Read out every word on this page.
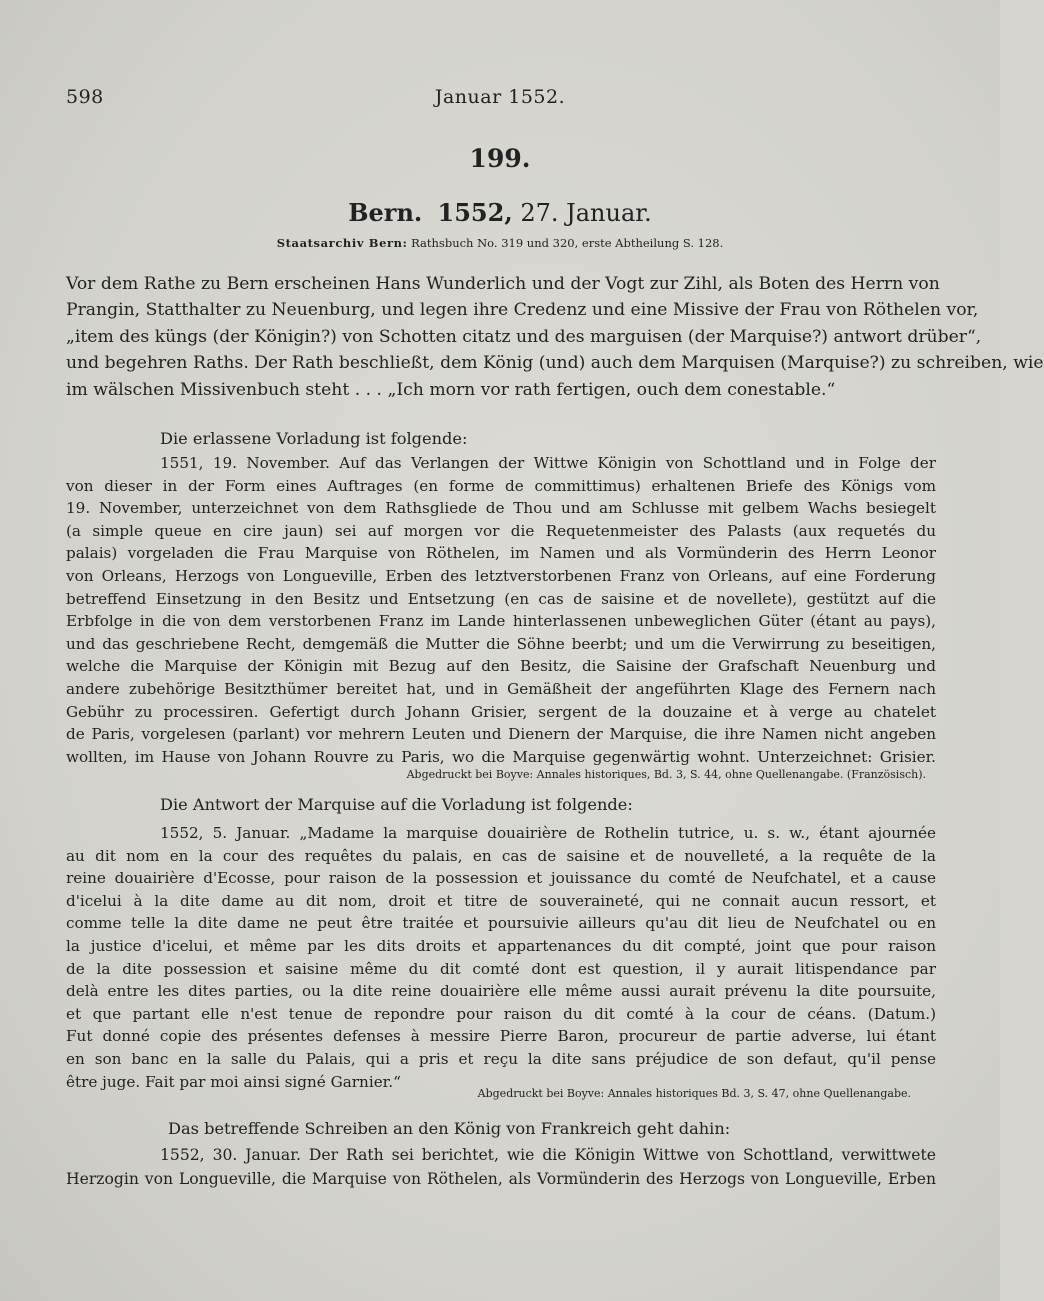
598	Januar 1552.
199.
Bern. 1552, 27. Januar.
Staatsarchiv Bern: Rathsbuch No. 319 und 320, erste Abtheilung S. 128.
Vor dem Rathe zu Bern erscheinen Hans Wunderlich und der Vogt zur Zihl, als Boten des Herrn von
Prangin, Statthalter zu Neuenburg, und legen ihre Credenz und eine Missive der Frau von Röthelen vor,
„item des küngs (der Königin?) von Schotten citatz und des marguisen (der Marquise?) antwort drüber“,
und begehren Raths. Der Rath beschließt, dem König (und) auch dem Marquisen (Marquise?) zu schreiben, wie
im wälschen Missivenbuch steht . . . „Ich morn vor rath fertigen, ouch dem conestable.“
Die erlassene Vorladung ist folgende:
1551, 19. November. Auf das Verlangen der Wittwe Königin von Schottland und in Folge der
von dieser in der Form eines Auftrages (en forme de committimus) erhaltenen Briefe des Königs vom
19. November, unterzeichnet von dem Rathsgliede de Thou und am Schlusse mit gelbem Wachs besiegelt
(a simple queue en cire jaun) sei auf morgen vor die Requetenmeister des Palasts (aux requetés du
palais) vorgeladen die Frau Marquise von Röthelen, im Namen und als Vormünderin des Herrn Leonor
von Orleans, Herzogs von Longueville, Erben des letztverstorbenen Franz von Orleans, auf eine Forderung
betreffend Einsetzung in den Besitz und Entsetzung (en cas de saisine et de novellete), gestützt auf die
Erbfolge in die von dem verstorbenen Franz im Lande hinterlassenen unbeweglichen Güter (étant au pays),
und das geschriebene Recht, demgemäß die Mutter die Söhne beerbt; und um die Verwirrung zu beseitigen,
welche die Marquise der Königin mit Bezug auf den Besitz, die Saisine der Grafschaft Neuenburg und
andere zubehörige Besitzthümer bereitet hat, und in Gemäßheit der angeführten Klage des Fernern nach
Gebühr zu processiren. Gefertigt durch Johann Grisier, sergent de la douzaine et à verge au chatelet
de Paris, vorgelesen (parlant) vor mehrern Leuten und Dienern der Marquise, die ihre Namen nicht angeben
wollten, im Hause von Johann Rouvre zu Paris, wo die Marquise gegenwärtig wohnt. Unterzeichnet: Grisier.
Abgedruckt bei Boyve: Annales historiques, Bd. 3, S. 44, ohne Quellenangabe. (Französisch).
Die Antwort der Marquise auf die Vorladung ist folgende:
1552, 5. Januar. „Madame la marquise douairière de Rothelin tutrice, u. s. w., étant ajournée
au dit nom en la cour des requêtes du palais, en cas de saisine et de nouvelleté, a la requête de la
reine douairière d'Ecosse, pour raison de la possession et jouissance du comté de Neufchatel, et a cause
d'icelui à la dite dame au dit nom, droit et titre de souveraineté, qui ne connait aucun ressort, et
comme telle la dite dame ne peut être traitée et poursuivie ailleurs qu'au dit lieu de Neufchatel ou en
la justice d'icelui, et même par les dits droits et appartenances du dit compté, joint que pour raison
de la dite possession et saisine même du dit comté dont est question, il y aurait litispendance par
delà entre les dites parties, ou la dite reine douairière elle même aussi aurait prévenu la dite poursuite,
et que partant elle n'est tenue de repondre pour raison du dit comté à la cour de céans. (Datum.)
Fut donné copie des présentes defenses à messire Pierre Baron, procureur de partie adverse, lui étant
en son banc en la salle du Palais, qui a pris et reçu la dite sans préjudice de son defaut, qu'il pense
être juge. Fait par moi ainsi signé Garnier.“
Abgedruckt bei Boyve: Annales historiques Bd. 3, S. 47, ohne Quellenangabe.
Das betreffende Schreiben an den König von Frankreich geht dahin:
1552, 30. Januar. Der Rath sei berichtet, wie die Königin Wittwe von Schottland, verwittwete
Herzogin von Longueville, die Marquise von Röthelen, als Vormünderin des Herzogs von Longueville, Erben
